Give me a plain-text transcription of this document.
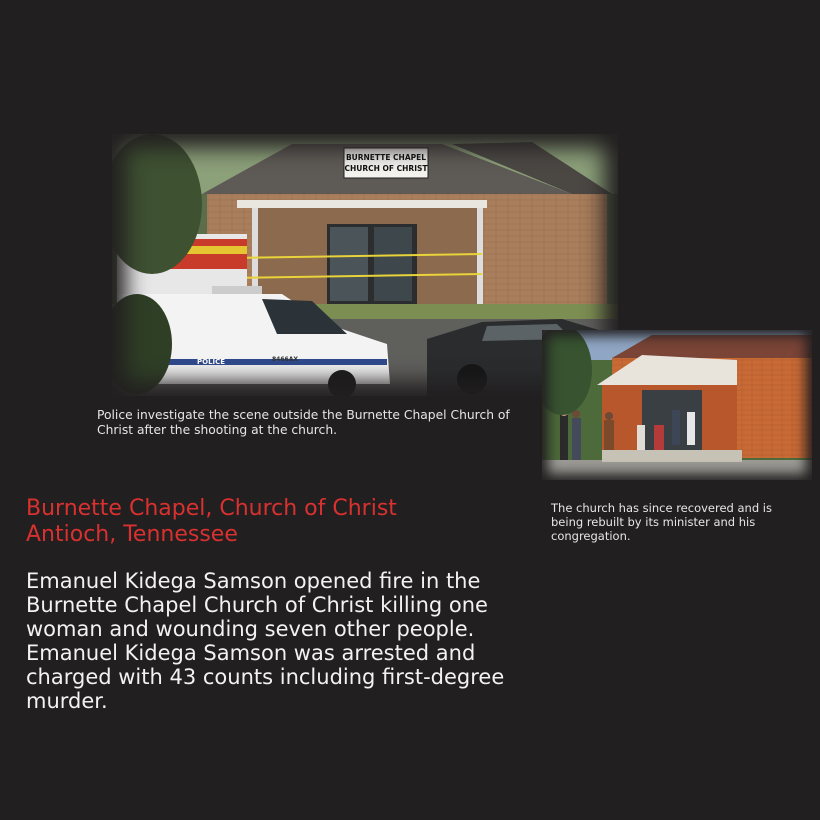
BURNETTE CHAPEL
CHURCH OF CHRIST
8466AX
POLICE
Police investigate the scene outside the Burnette Chapel Church of Christ after the shooting at the church.
The church has since recovered and is being rebuilt by its minister and his congregation.
Burnette Chapel, Church of Christ
Antioch, Tennessee
Emanuel Kidega Samson opened fire in the Burnette Chapel Church of Christ killing one woman and wounding seven other people. Emanuel Kidega Samson was arrested and charged with 43 counts including first-degree murder.
